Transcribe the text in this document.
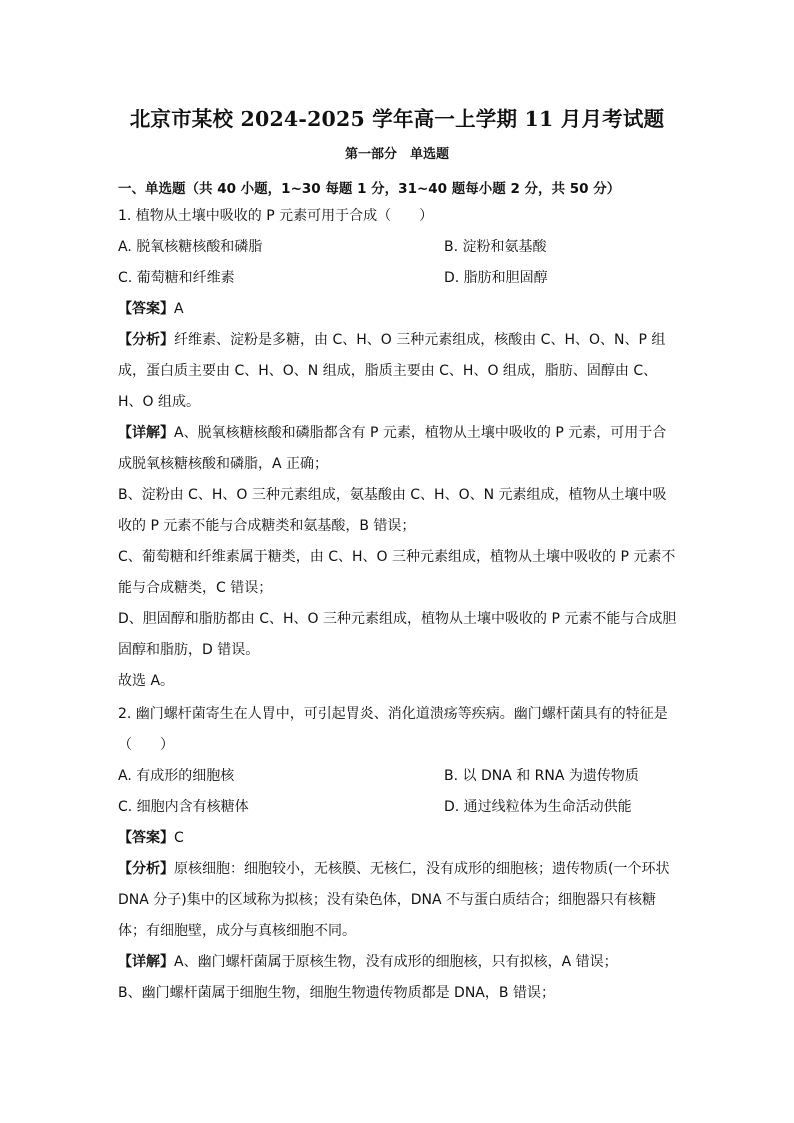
北京市某校 2024-2025 学年高一上学期 11 月月考试题
第一部分　单选题
一、单选题（共 40 小题，1~30 每题 1 分，31~40 题每小题 2 分，共 50 分）
1. 植物从土壤中吸收的 P 元素可用于合成（　　）
A. 脱氧核糖核酸和磷脂	B. 淀粉和氨基酸
C. 葡萄糖和纤维素	D. 脂肪和胆固醇
【答案】A
【分析】纤维素、淀粉是多糖，由 C、H、O 三种元素组成，核酸由 C、H、O、N、P 组
成，蛋白质主要由 C、H、O、N 组成，脂质主要由 C、H、O 组成，脂肪、固醇由 C、
H、O 组成。
【详解】A、脱氧核糖核酸和磷脂都含有 P 元素，植物从土壤中吸收的 P 元素，可用于合
成脱氧核糖核酸和磷脂，A 正确；
B、淀粉由 C、H、O 三种元素组成，氨基酸由 C、H、O、N 元素组成，植物从土壤中吸
收的 P 元素不能与合成糖类和氨基酸，B 错误；
C、葡萄糖和纤维素属于糖类，由 C、H、O 三种元素组成，植物从土壤中吸收的 P 元素不
能与合成糖类，C 错误；
D、胆固醇和脂肪都由 C、H、O 三种元素组成，植物从土壤中吸收的 P 元素不能与合成胆
固醇和脂肪，D 错误。
故选 A。
2. 幽门螺杆菌寄生在人胃中，可引起胃炎、消化道溃疡等疾病。幽门螺杆菌具有的特征是
（　　）
A. 有成形的细胞核	B. 以 DNA 和 RNA 为遗传物质
C. 细胞内含有核糖体	D. 通过线粒体为生命活动供能
【答案】C
【分析】原核细胞：细胞较小，无核膜、无核仁，没有成形的细胞核；遗传物质(一个环状
DNA 分子)集中的区域称为拟核；没有染色体，DNA 不与蛋白质结合；细胞器只有核糖
体；有细胞壁，成分与真核细胞不同。
【详解】A、幽门螺杆菌属于原核生物，没有成形的细胞核，只有拟核，A 错误；
B、幽门螺杆菌属于细胞生物，细胞生物遗传物质都是 DNA，B 错误；
